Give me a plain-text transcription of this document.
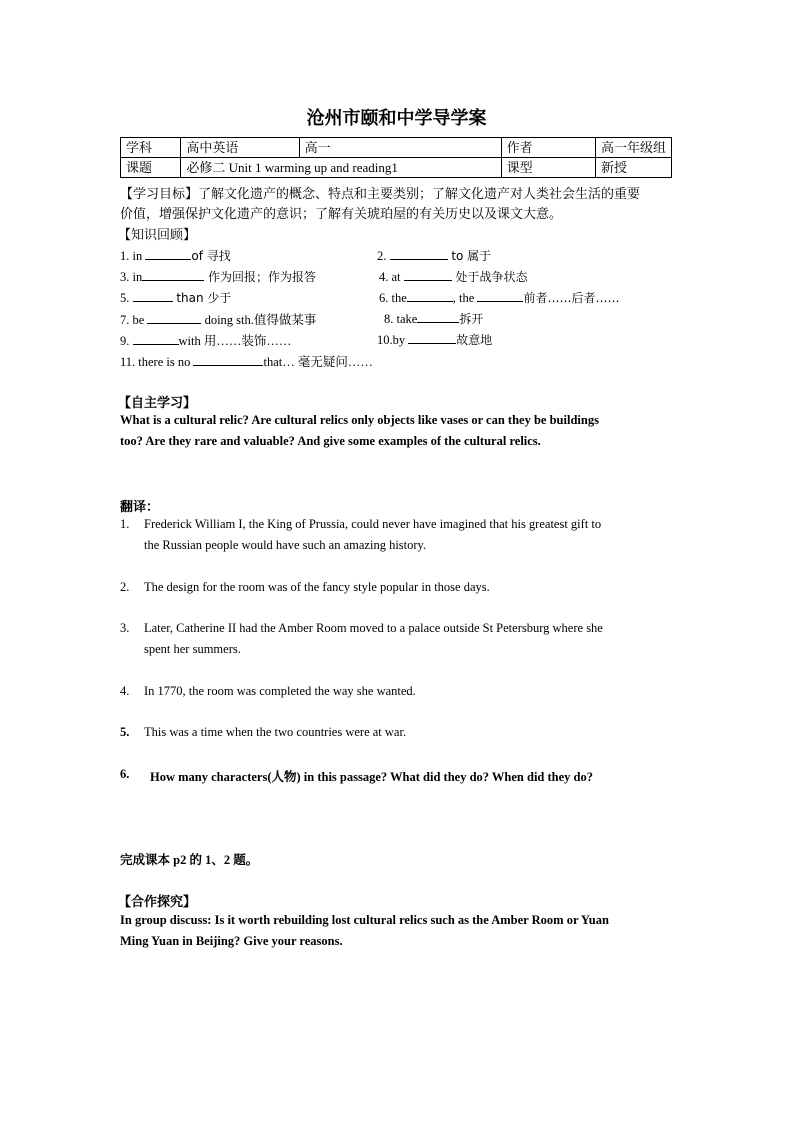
沧州市颐和中学导学案
学科	高中英语	高一	作者	高一年级组
课题	必修二 Unit 1 warming up and reading1		课型	新授
【学习目标】了解文化遗产的概念、特点和主要类别；了解文化遗产对人类社会生活的重要
价值，增强保护文化遗产的意识；了解有关琥珀屋的有关历史以及课文大意。
【知识回顾】
1. in	of 寻找	2.	to 属于
3. in	作为回报；作为报答	4. at	处于战争状态
5.	than 少于	6. the	, the	前者……后者……
7. be	doing sth.值得做某事	8. take	拆开
9.	with 用……装饰……	10.by	故意地
11. there is no	that… 毫无疑问……
【自主学习】
What is a cultural relic? Are cultural relics only objects like vases or can they be buildings
too? Are they rare and valuable? And give some examples of the cultural relics.
翻译：
1. Frederick William I, the King of Prussia, could never have imagined that his greatest gift to
the Russian people would have such an amazing history.
2. The design for the room was of the fancy style popular in those days.
3. Later, Catherine II had the Amber Room moved to a palace outside St Petersburg where she
spent her summers.
4. In 1770, the room was completed the way she wanted.
5. This was a time when the two countries were at war.
6. How many characters(人物) in this passage? What did they do? When did they do?
完成课本 p2 的 1、2 题。
【合作探究】
In group discuss: Is it worth rebuilding lost cultural relics such as the Amber Room or Yuan
Ming Yuan in Beijing? Give your reasons.
